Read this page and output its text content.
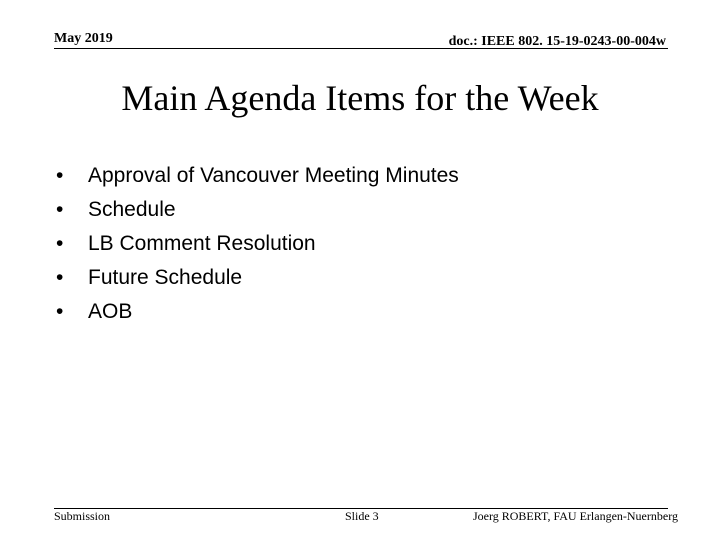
May 2019	doc.: IEEE 802. 15-19-0243-00-004w
Main Agenda Items for the Week
•	Approval of Vancouver Meeting Minutes
•	Schedule
•	LB Comment Resolution
•	Future Schedule
•	AOB
Submission	Slide 3	Joerg ROBERT, FAU Erlangen-Nuernberg
